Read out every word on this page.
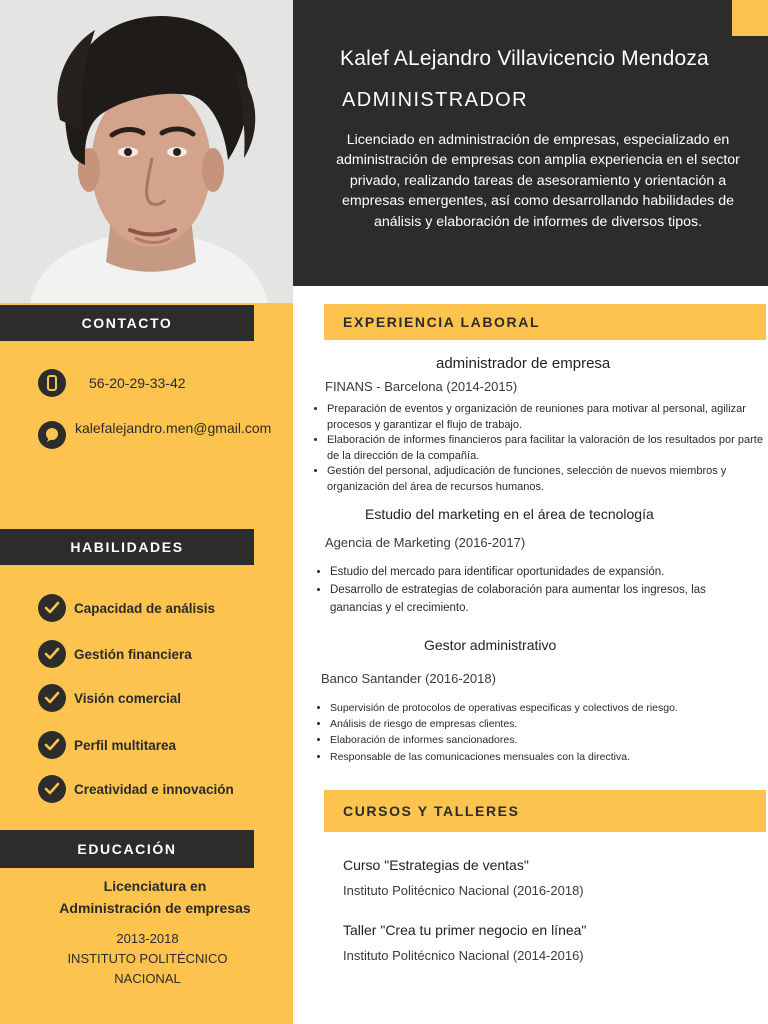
Kalef ALejandro Villavicencio Mendoza
ADMINISTRADOR
Licenciado en administración de empresas, especializado en administración de empresas con amplia experiencia en el sector privado, realizando tareas de asesoramiento y orientación a empresas emergentes, así como desarrollando habilidades de análisis y elaboración de informes de diversos tipos.
CONTACTO
56-20-29-33-42
kalefalejandro.men@gmail.com
HABILIDADES
Capacidad de análisis
Gestión financiera
Visión comercial
Perfil multitarea
Creatividad e innovación
EDUCACIÓN
Licenciatura en
Administración de empresas
2013-2018
INSTITUTO POLITÉCNICO
NACIONAL
EXPERIENCIA LABORAL
administrador de empresa
FINANS - Barcelona (2014-2015)
• Preparación de eventos y organización de reuniones para motivar al personal, agilizar procesos y garantizar el flujo de trabajo.
• Elaboración de informes financieros para facilitar la valoración de los resultados por parte de la dirección de la compañía.
• Gestión del personal, adjudicación de funciones, selección de nuevos miembros y organización del área de recursos humanos.
Estudio del marketing en el área de tecnología
Agencia de Marketing (2016-2017)
• Estudio del mercado para identificar oportunidades de expansión.
• Desarrollo de estrategias de colaboración para aumentar los ingresos, las ganancias y el crecimiento.
Gestor administrativo
Banco Santander (2016-2018)
• Supervisión de protocolos de operativas especificas y colectivos de riesgo.
• Análisis de riesgo de empresas clientes.
• Elaboración de informes sancionadores.
• Responsable de las comunicaciones mensuales con la directiva.
CURSOS Y TALLERES
Curso "Estrategias de ventas"
Instituto Politécnico Nacional (2016-2018)
Taller "Crea tu primer negocio en línea"
Instituto Politécnico Nacional (2014-2016)
